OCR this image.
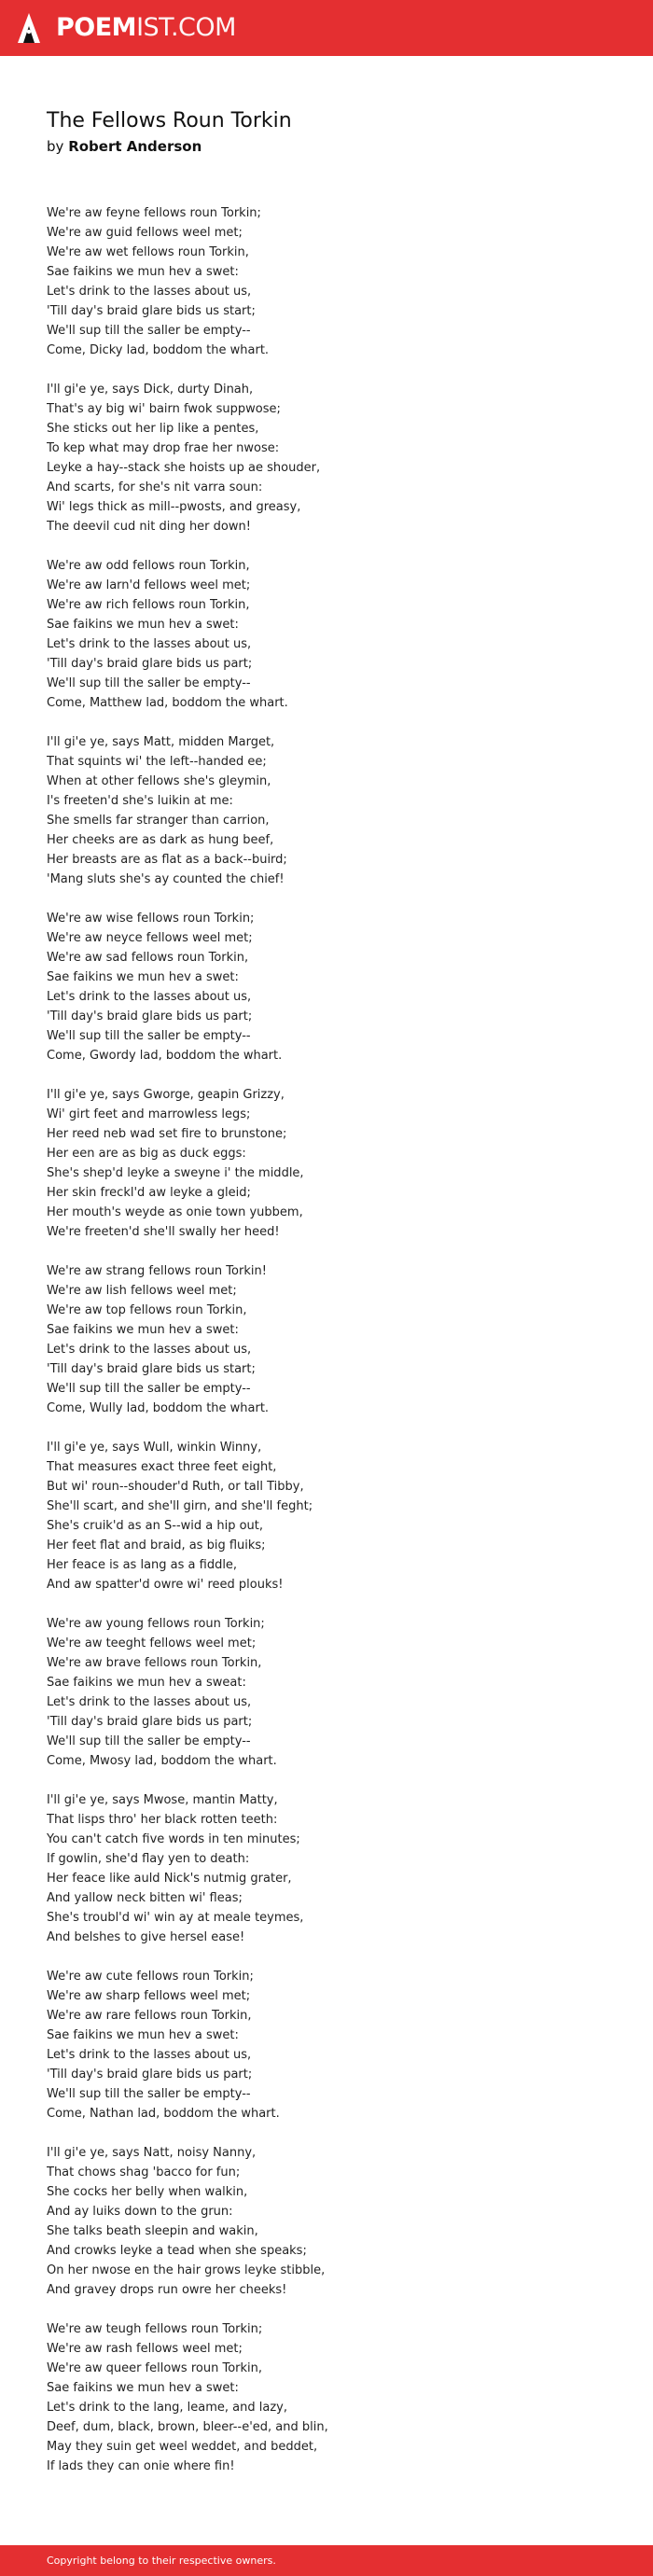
POEMIST.COM
The Fellows Roun Torkin
by Robert Anderson
We're aw feyne fellows roun Torkin;
We're aw guid fellows weel met;
We're aw wet fellows roun Torkin,
Sae faikins we mun hev a swet:
Let's drink to the lasses about us,
'Till day's braid glare bids us start;
We'll sup till the saller be empty--
Come, Dicky lad, boddom the whart.
I'll gi'e ye, says Dick, durty Dinah,
That's ay big wi' bairn fwok suppwose;
She sticks out her lip like a pentes,
To kep what may drop frae her nwose:
Leyke a hay--stack she hoists up ae shouder,
And scarts, for she's nit varra soun:
Wi' legs thick as mill--pwosts, and greasy,
The deevil cud nit ding her down!
We're aw odd fellows roun Torkin,
We're aw larn'd fellows weel met;
We're aw rich fellows roun Torkin,
Sae faikins we mun hev a swet:
Let's drink to the lasses about us,
'Till day's braid glare bids us part;
We'll sup till the saller be empty--
Come, Matthew lad, boddom the whart.
I'll gi'e ye, says Matt, midden Marget,
That squints wi' the left--handed ee;
When at other fellows she's gleymin,
I's freeten'd she's luikin at me:
She smells far stranger than carrion,
Her cheeks are as dark as hung beef,
Her breasts are as flat as a back--buird;
'Mang sluts she's ay counted the chief!
We're aw wise fellows roun Torkin;
We're aw neyce fellows weel met;
We're aw sad fellows roun Torkin,
Sae faikins we mun hev a swet:
Let's drink to the lasses about us,
'Till day's braid glare bids us part;
We'll sup till the saller be empty--
Come, Gwordy lad, boddom the whart.
I'll gi'e ye, says Gworge, geapin Grizzy,
Wi' girt feet and marrowless legs;
Her reed neb wad set fire to brunstone;
Her een are as big as duck eggs:
She's shep'd leyke a sweyne i' the middle,
Her skin freckl'd aw leyke a gleid;
Her mouth's weyde as onie town yubbem,
We're freeten'd she'll swally her heed!
We're aw strang fellows roun Torkin!
We're aw lish fellows weel met;
We're aw top fellows roun Torkin,
Sae faikins we mun hev a swet:
Let's drink to the lasses about us,
'Till day's braid glare bids us start;
We'll sup till the saller be empty--
Come, Wully lad, boddom the whart.
I'll gi'e ye, says Wull, winkin Winny,
That measures exact three feet eight,
But wi' roun--shouder'd Ruth, or tall Tibby,
She'll scart, and she'll girn, and she'll feght;
She's cruik'd as an S--wid a hip out,
Her feet flat and braid, as big fluiks;
Her feace is as lang as a fiddle,
And aw spatter'd owre wi' reed plouks!
We're aw young fellows roun Torkin;
We're aw teeght fellows weel met;
We're aw brave fellows roun Torkin,
Sae faikins we mun hev a sweat:
Let's drink to the lasses about us,
'Till day's braid glare bids us part;
We'll sup till the saller be empty--
Come, Mwosy lad, boddom the whart.
I'll gi'e ye, says Mwose, mantin Matty,
That lisps thro' her black rotten teeth:
You can't catch five words in ten minutes;
If gowlin, she'd flay yen to death:
Her feace like auld Nick's nutmig grater,
And yallow neck bitten wi' fleas;
She's troubl'd wi' win ay at meale teymes,
And belshes to give hersel ease!
We're aw cute fellows roun Torkin;
We're aw sharp fellows weel met;
We're aw rare fellows roun Torkin,
Sae faikins we mun hev a swet:
Let's drink to the lasses about us,
'Till day's braid glare bids us part;
We'll sup till the saller be empty--
Come, Nathan lad, boddom the whart.
I'll gi'e ye, says Natt, noisy Nanny,
That chows shag 'bacco for fun;
She cocks her belly when walkin,
And ay luiks down to the grun:
She talks beath sleepin and wakin,
And crowks leyke a tead when she speaks;
On her nwose en the hair grows leyke stibble,
And gravey drops run owre her cheeks!
We're aw teugh fellows roun Torkin;
We're aw rash fellows weel met;
We're aw queer fellows roun Torkin,
Sae faikins we mun hev a swet:
Let's drink to the lang, leame, and lazy,
Deef, dum, black, brown, bleer--e'ed, and blin,
May they suin get weel weddet, and beddet,
If lads they can onie where fin!
Copyright belong to their respective owners.
